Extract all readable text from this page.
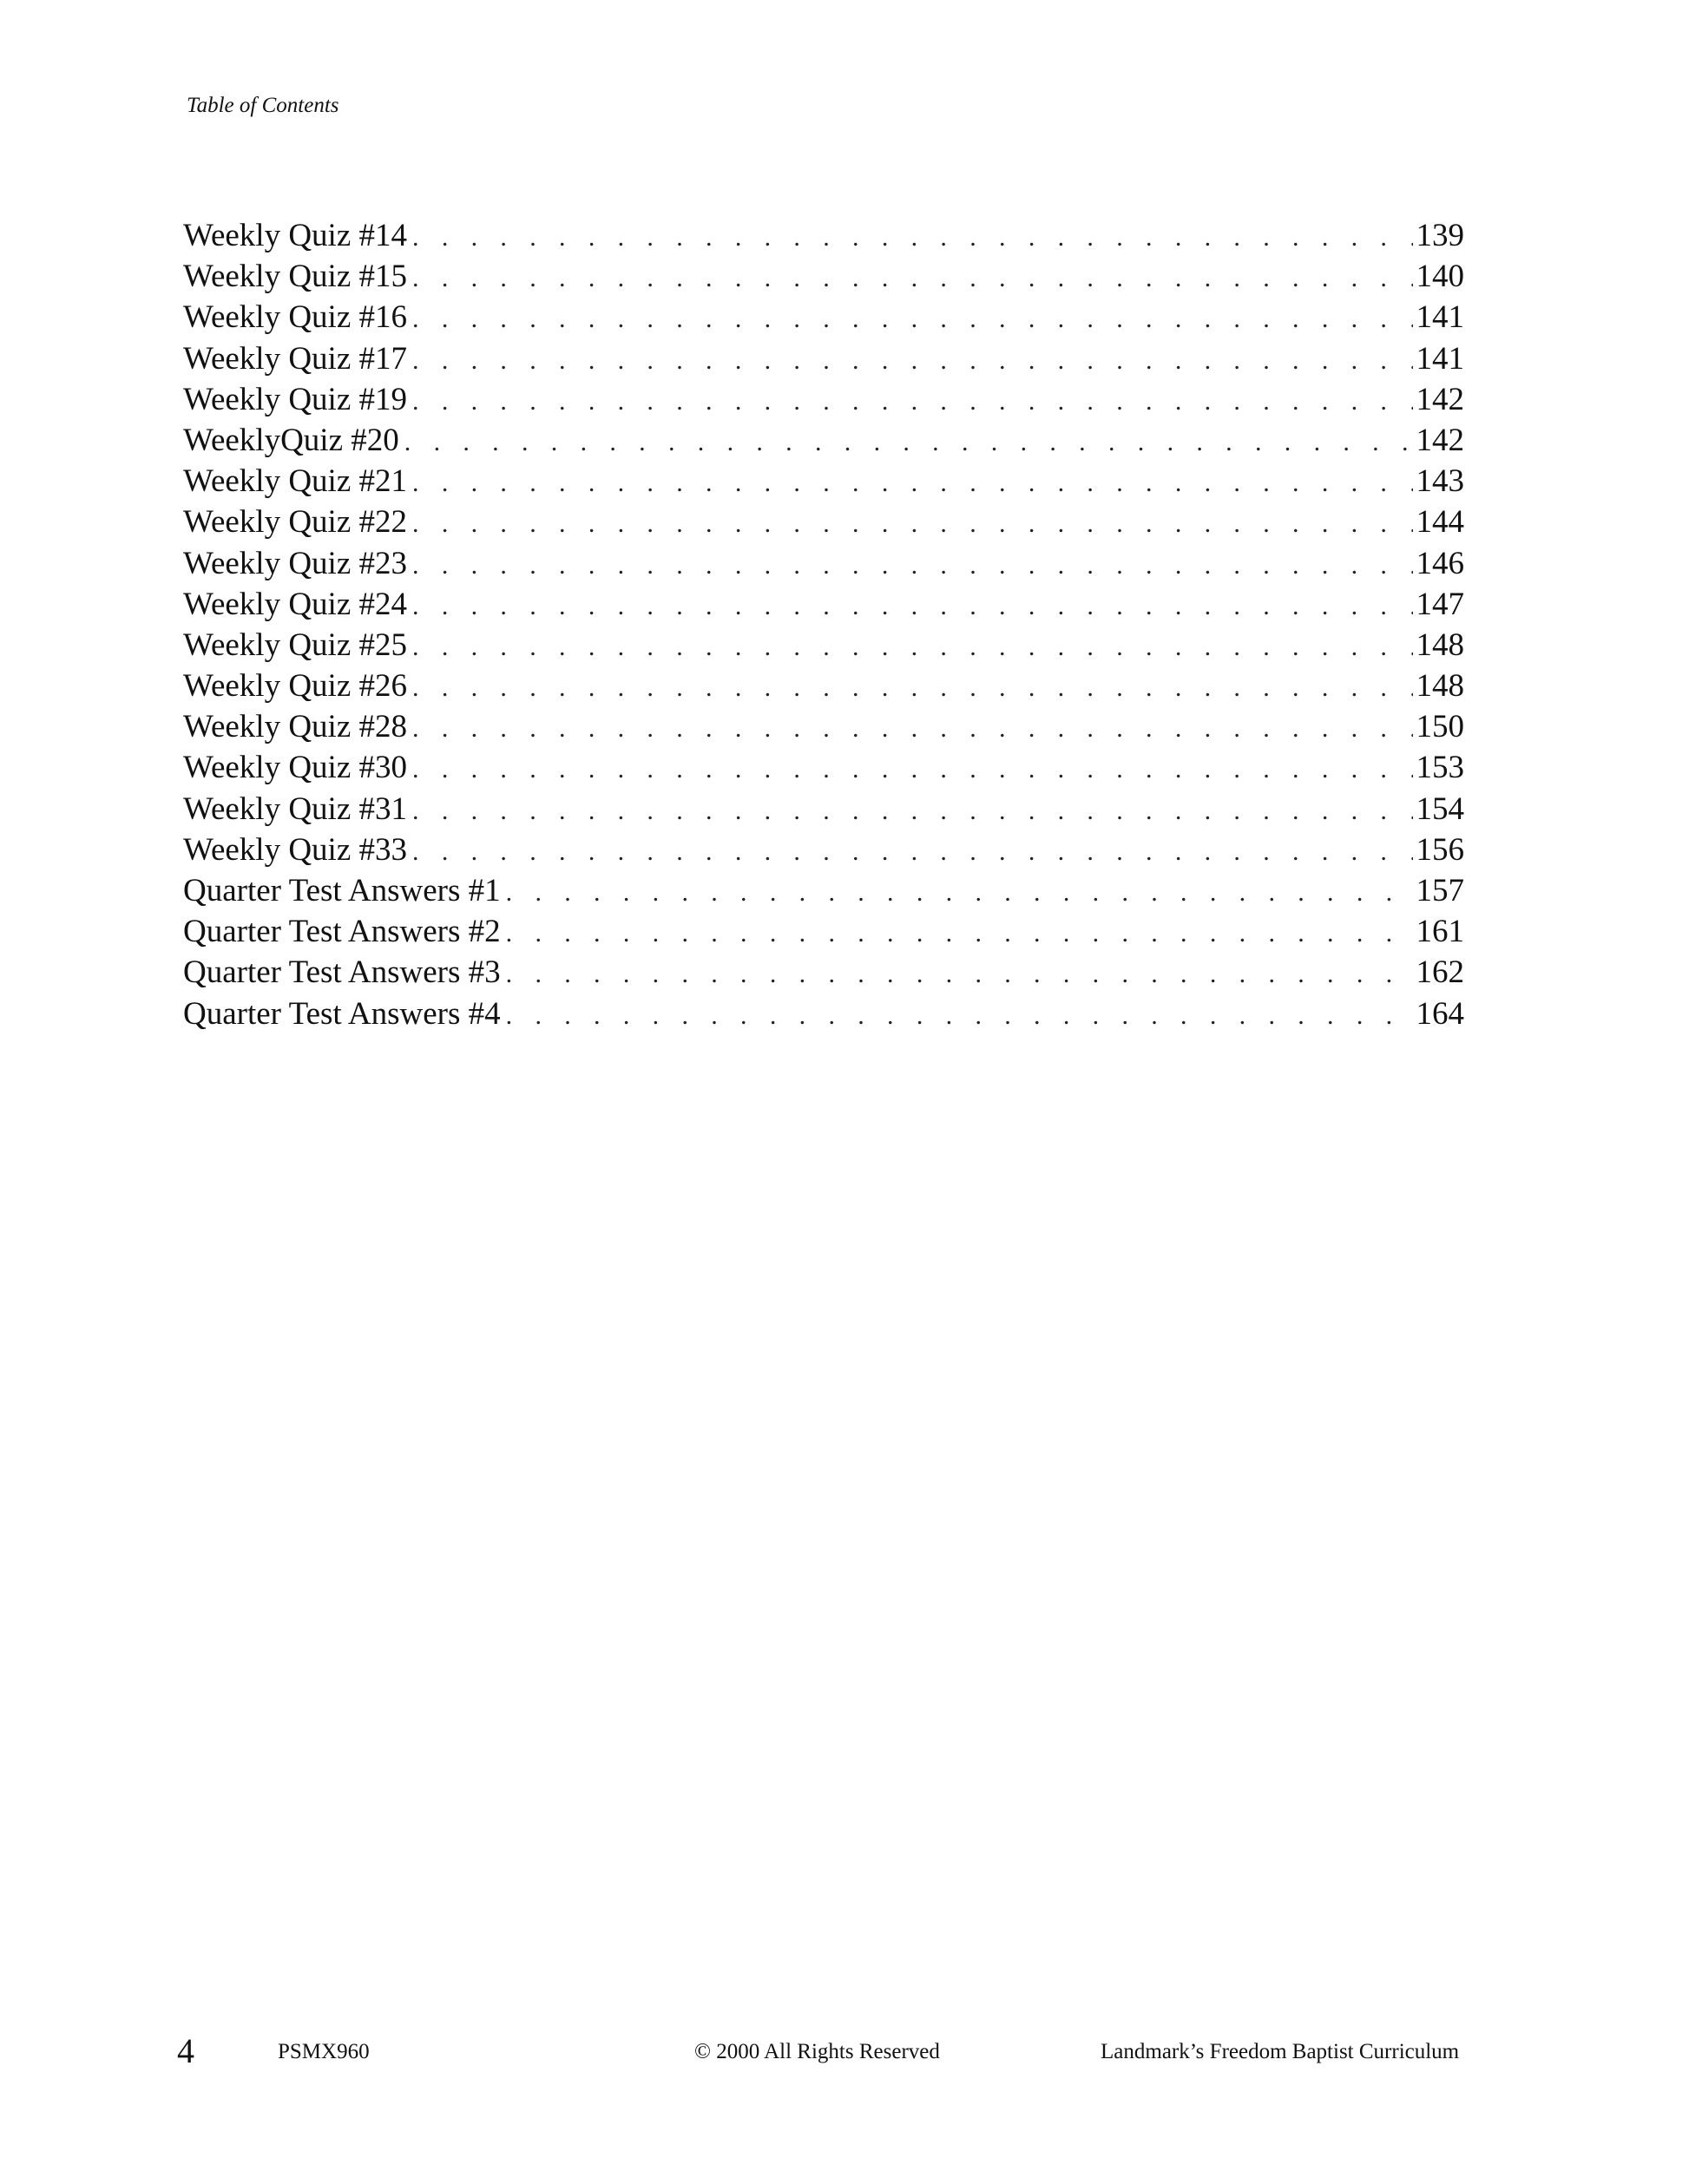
Table of Contents
Weekly Quiz #14 . . .	139
Weekly Quiz #15 . . .	140
Weekly Quiz #16 . . .	141
Weekly Quiz #17 . . .	141
Weekly Quiz #19 . . .	142
WeeklyQuiz #20 . . .	142
Weekly Quiz #21 . . .	143
Weekly Quiz #22 . . .	144
Weekly Quiz #23 . . .	146
Weekly Quiz #24 . . .	147
Weekly Quiz #25 . . .	148
Weekly Quiz #26 . . .	148
Weekly Quiz #28 . . .	150
Weekly Quiz #30 . . .	153
Weekly Quiz #31 . . .	154
Weekly Quiz #33 . . .	156
Quarter Test Answers #1 . . .	157
Quarter Test Answers #2 . . .	161
Quarter Test Answers #3 . . .	162
Quarter Test Answers #4 . . .	164
4	PSMX960	© 2000 All Rights Reserved	Landmark’s Freedom Baptist Curriculum
